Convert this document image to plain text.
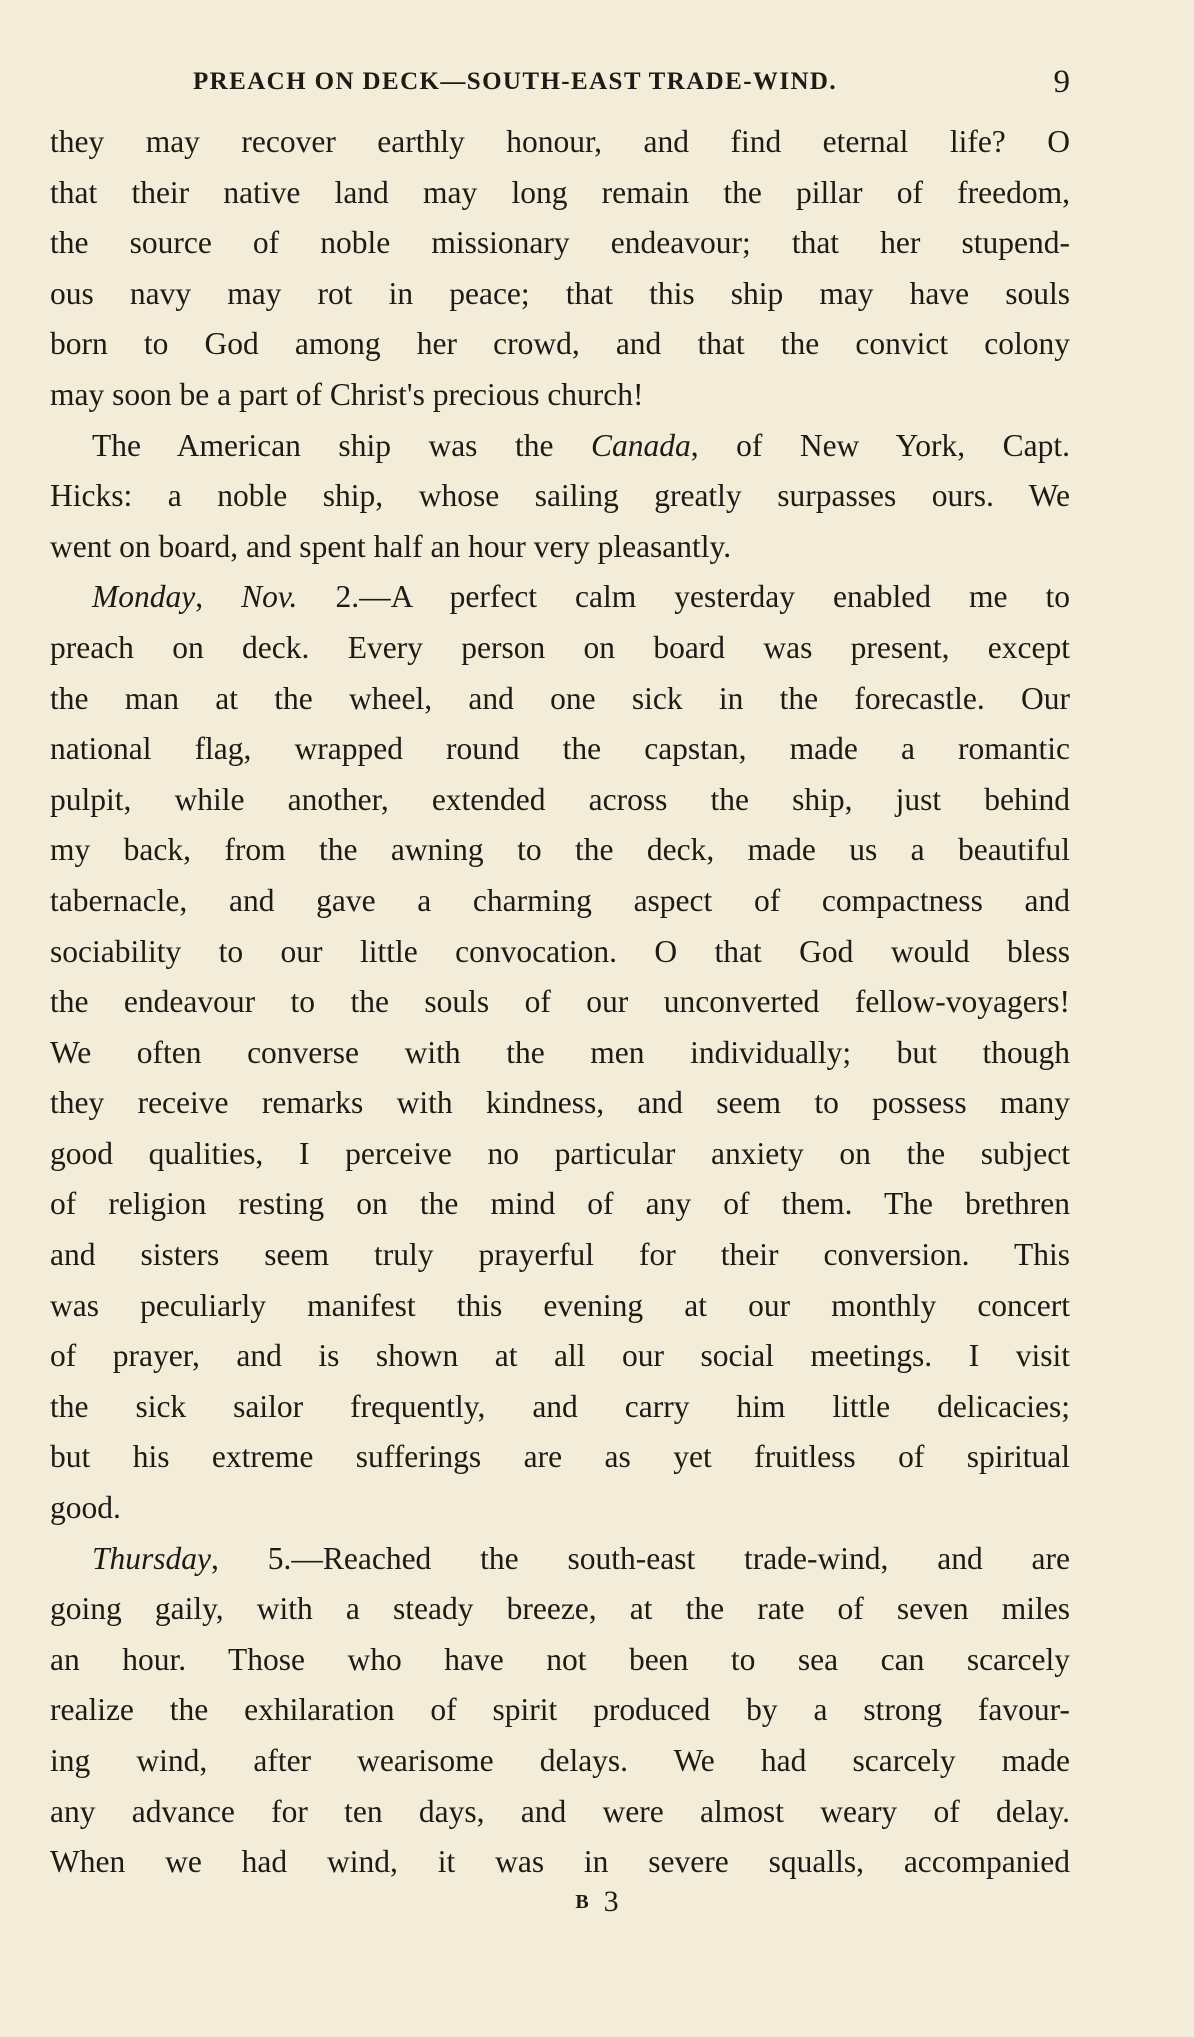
PREACH ON DECK—SOUTH-EAST TRADE-WIND.	9
they may recover earthly honour, and find eternal life? O
that their native land may long remain the pillar of freedom,
the source of noble missionary endeavour; that her stupend-
ous navy may rot in peace; that this ship may have souls
born to God among her crowd, and that the convict colony
may soon be a part of Christ's precious church!
The American ship was the Canada, of New York, Capt.
Hicks: a noble ship, whose sailing greatly surpasses ours. We
went on board, and spent half an hour very pleasantly.
Monday, Nov. 2.—A perfect calm yesterday enabled me to
preach on deck. Every person on board was present, except
the man at the wheel, and one sick in the forecastle. Our
national flag, wrapped round the capstan, made a romantic
pulpit, while another, extended across the ship, just behind
my back, from the awning to the deck, made us a beautiful
tabernacle, and gave a charming aspect of compactness and
sociability to our little convocation. O that God would bless
the endeavour to the souls of our unconverted fellow-voyagers!
We often converse with the men individually; but though
they receive remarks with kindness, and seem to possess many
good qualities, I perceive no particular anxiety on the subject
of religion resting on the mind of any of them. The brethren
and sisters seem truly prayerful for their conversion. This
was peculiarly manifest this evening at our monthly concert
of prayer, and is shown at all our social meetings. I visit
the sick sailor frequently, and carry him little delicacies;
but his extreme sufferings are as yet fruitless of spiritual
good.
Thursday, 5.—Reached the south-east trade-wind, and are
going gaily, with a steady breeze, at the rate of seven miles
an hour. Those who have not been to sea can scarcely
realize the exhilaration of spirit produced by a strong favour-
ing wind, after wearisome delays. We had scarcely made
any advance for ten days, and were almost weary of delay.
When we had wind, it was in severe squalls, accompanied
B 3
